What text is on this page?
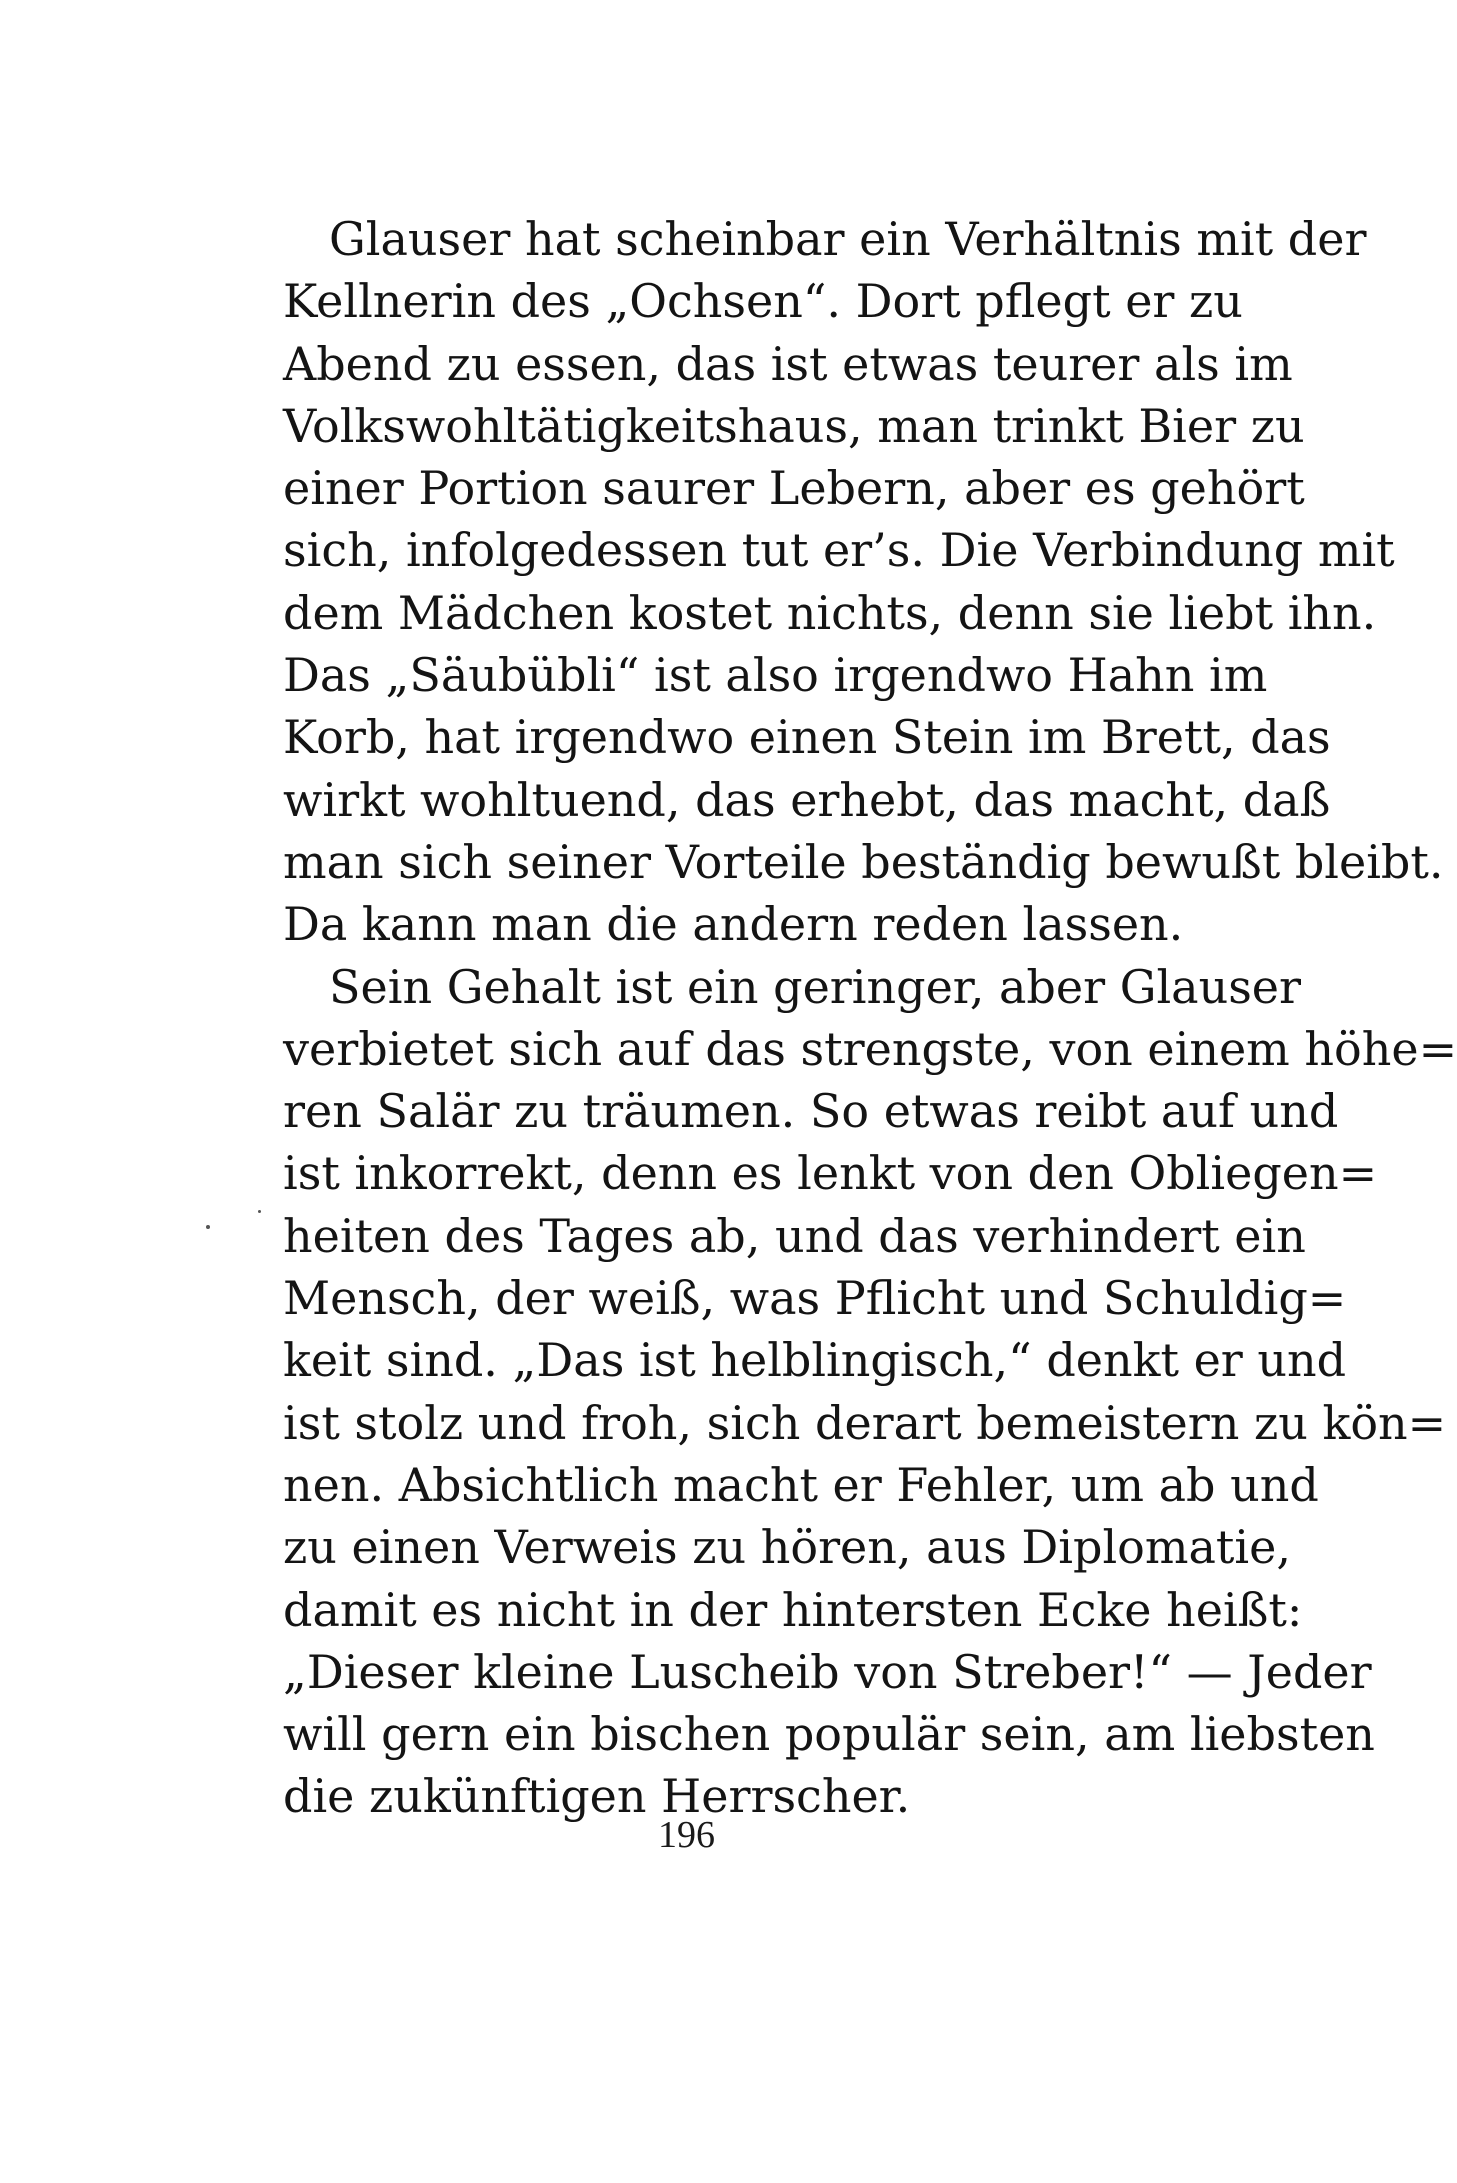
Glauser hat scheinbar ein Verhältnis mit der
Kellnerin des „Ochsen“. Dort pflegt er zu
Abend zu essen, das ist etwas teurer als im
Volkswohltätigkeitshaus, man trinkt Bier zu
einer Portion saurer Lebern, aber es gehört
sich, infolgedessen tut er’s. Die Verbindung mit
dem Mädchen kostet nichts, denn sie liebt ihn.
Das „Säubübli“ ist also irgendwo Hahn im
Korb, hat irgendwo einen Stein im Brett, das
wirkt wohltuend, das erhebt, das macht, daß
man sich seiner Vorteile beständig bewußt bleibt.
Da kann man die andern reden lassen.
Sein Gehalt ist ein geringer, aber Glauser
verbietet sich auf das strengste, von einem höhe=
ren Salär zu träumen. So etwas reibt auf und
ist inkorrekt, denn es lenkt von den Obliegen=
heiten des Tages ab, und das verhindert ein
Mensch, der weiß, was Pflicht und Schuldig=
keit sind. „Das ist helblingisch,“ denkt er und
ist stolz und froh, sich derart bemeistern zu kön=
nen. Absichtlich macht er Fehler, um ab und
zu einen Verweis zu hören, aus Diplomatie,
damit es nicht in der hintersten Ecke heißt:
„Dieser kleine Luscheib von Streber!“ — Jeder
will gern ein bischen populär sein, am liebsten
die zukünftigen Herrscher.
196
